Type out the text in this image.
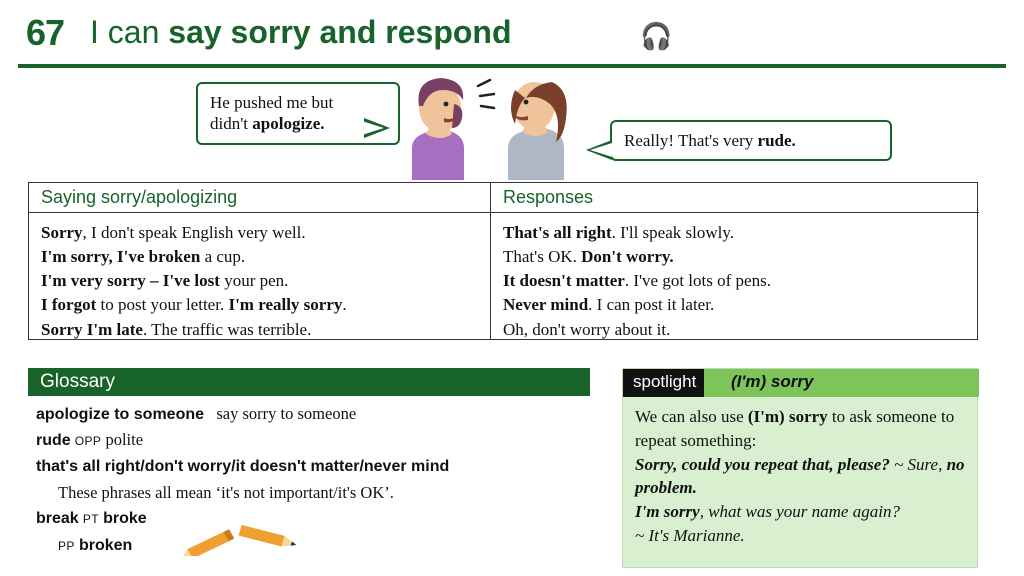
67 I can say sorry and respond	🎧
He pushed me but
didn't apologize.
Really! That's very rude.
Saying sorry/apologizing
Sorry, I don't speak English very well.
I'm sorry, I've broken a cup.
I'm very sorry – I've lost your pen.
I forgot to post your letter. I'm really sorry.
Sorry I'm late. The traffic was terrible.
Responses
That's all right. I'll speak slowly.
That's OK. Don't worry.
It doesn't matter. I've got lots of pens.
Never mind. I can post it later.
Oh, don't worry about it.
Glossary
apologize to someone say sorry to someone
rude OPP polite
that's all right/don't worry/it doesn't matter/never mind
These phrases all mean ‘it's not important/it's OK’.
break PT broke
PP broken
spotlight	(I'm) sorry
We can also use (I'm) sorry to ask someone to repeat something:
Sorry, could you repeat that, please? ~ Sure, no problem.
I'm sorry, what was your name again?
~ It's Marianne.
